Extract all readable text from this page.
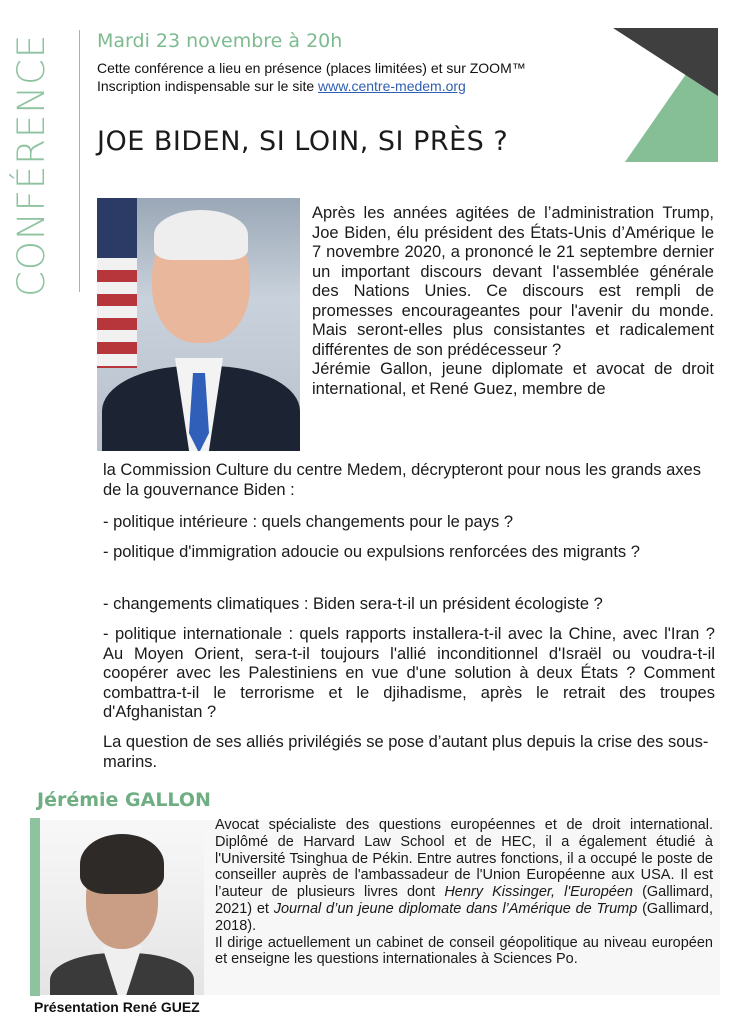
CONFÉRENCE Mardi 23 novembre à 20h
Cette conférence a lieu en présence (places limitées) et sur ZOOM™
Inscription indispensable sur le site www.centre-medem.org
JOE BIDEN, SI LOIN, SI PRÈS ?

Après les années agitées de l’administration Trump, Joe Biden, élu président des États-Unis d’Amérique le 7 novembre 2020, a prononcé le 21 septembre dernier un important discours devant l'assemblée générale des Nations Unies. Ce discours est rempli de promesses encourageantes pour l'avenir du monde. Mais seront-elles plus consistantes et radicalement différentes de son prédécesseur ?

Jérémie Gallon, jeune diplomate et avocat de droit international, et René Guez, membre de

la Commission Culture du centre Medem, décrypteront pour nous les grands axes de la gouvernance Biden :
- politique intérieure : quels changements pour le pays ?
- politique d'immigration adoucie ou expulsions renforcées des migrants ?
- changements climatiques : Biden sera-t-il un président écologiste ?
- politique internationale : quels rapports installera-t-il avec la Chine, avec l'Iran ? Au Moyen Orient, sera-t-il toujours l'allié inconditionnel d'Israël ou voudra-t-il coopérer avec les Palestiniens en vue d'une solution à deux États ? Comment combattra-t-il le terrorisme et le djihadisme, après le retrait des troupes d'Afghanistan ?
La question de ses alliés privilégiés se pose d’autant plus depuis la crise des sous-marins.
Jérémie GALLON
Avocat spécialiste des questions européennes et de droit international. Diplômé de Harvard Law School et de HEC, il a également étudié à l'Université Tsinghua de Pékin. Entre autres fonctions, il a occupé le poste de conseiller auprès de l'ambassadeur de l'Union Européenne aux USA. Il est l’auteur de plusieurs livres dont Henry Kissinger, l'Européen (Gallimard, 2021) et Journal d’un jeune diplomate dans l’Amérique de Trump (Gallimard, 2018).
Il dirige actuellement un cabinet de conseil géopolitique au niveau européen et enseigne les questions internationales à Sciences Po.
Présentation René GUEZ
